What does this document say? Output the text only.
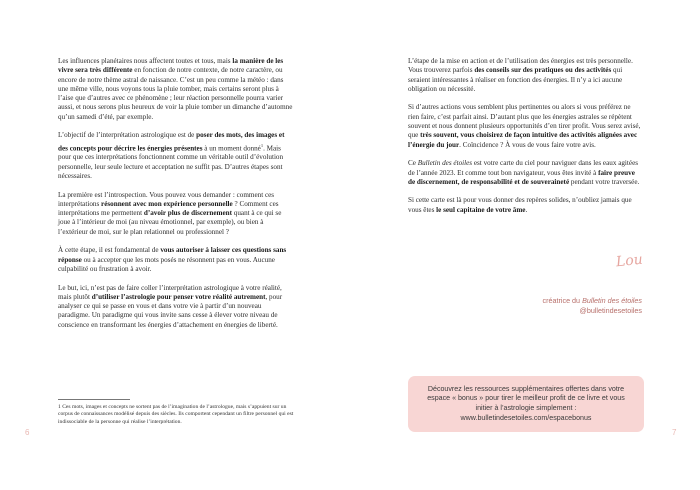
Les influences planétaires nous affectent toutes et tous, mais la manière de les vivre sera très différente en fonction de notre contexte, de notre caractère, ou encore de notre thème astral de naissance. C’est un peu comme la météo : dans une même ville, nous voyons tous la pluie tomber, mais certains seront plus à l’aise que d’autres avec ce phénomène ; leur réaction personnelle pourra varier aussi, et nous serons plus heureux de voir la pluie tomber un dimanche d’automne qu’un samedi d’été, par exemple.

L’objectif de l’interprétation astrologique est de poser des mots, des images et des concepts pour décrire les énergies présentes à un moment donné$^1$. Mais pour que ces interprétations fonctionnent comme un véritable outil d’évolution personnelle, leur seule lecture et acceptation ne suffit pas. D’autres étapes sont nécessaires.

La première est l’introspection. Vous pouvez vous demander : comment ces interprétations résonnent avec mon expérience personnelle ? Comment ces interprétations me permettent d’avoir plus de discernement quant à ce qui se joue à l’intérieur de moi (au niveau émotionnel, par exemple), ou bien à l’extérieur de moi, sur le plan relationnel ou professionnel ?

À cette étape, il est fondamental de vous autoriser à laisser ces questions sans réponse ou à accepter que les mots posés ne résonnent pas en vous. Aucune culpabilité ou frustration à avoir.

Le but, ici, n’est pas de faire coller l’interprétation astrologique à votre réalité, mais plutôt d’utiliser l’astrologie pour penser votre réalité autrement, pour analyser ce qui se passe en vous et dans votre vie à partir d’un nouveau paradigme. Un paradigme qui vous invite sans cesse à élever votre niveau de conscience en transformant les énergies d’attachement en énergies de liberté.

1 Ces mots, images et concepts ne sortent pas de l’imagination de l’astrologue, mais s’appuient sur un corpus de connaissances modélisé depuis des siècles. Ils comportent cependant un filtre personnel qui est indissociable de la personne qui réalise l’interprétation.
6

L’étape de la mise en action et de l’utilisation des énergies est très personnelle. Vous trouverez parfois des conseils sur des pratiques ou des activités qui seraient intéressantes à réaliser en fonction des énergies. Il n’y a ici aucune obligation ou nécessité.

Si d’autres actions vous semblent plus pertinentes ou alors si vous préférez ne rien faire, c’est parfait ainsi. D’autant plus que les énergies astrales se répètent souvent et nous donnent plusieurs opportunités d’en tirer profit. Vous serez avisé, que très souvent, vous choisirez de façon intuitive des activités alignées avec l’énergie du jour. Coïncidence ? À vous de vous faire votre avis.

Ce Bulletin des étoiles est votre carte du ciel pour naviguer dans les eaux agitées de l’année 2023. Et comme tout bon navigateur, vous êtes invité à faire preuve de discernement, de responsabilité et de souveraineté pendant votre traversée.

Si cette carte est là pour vous donner des repères solides, n’oubliez jamais que vous êtes le seul capitaine de votre âme.

Lou
créatrice du Bulletin des étoiles
@bulletindesetoiles
Découvrez les ressources supplémentaires offertes dans votre espace « bonus » pour tirer le meilleur profit de ce livre et vous initier à l’astrologie simplement :
www.bulletindesetoiles.com/espacebonus
7
